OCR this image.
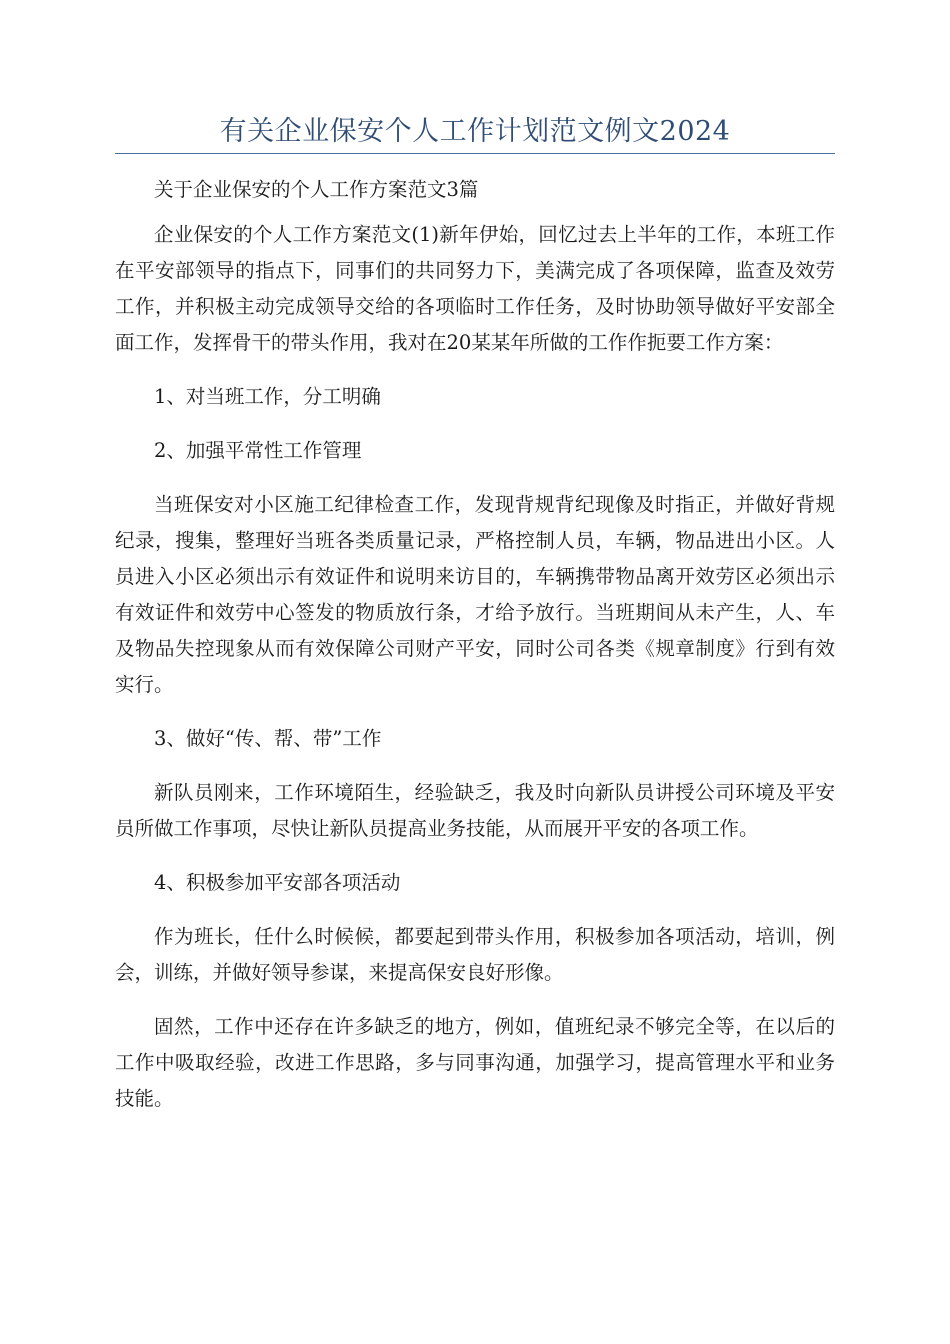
有关企业保安个人工作计划范文例文2024

关于企业保安的个人工作方案范文3篇

企业保安的个人工作方案范文(1)新年伊始，回忆过去上半年的工作，本班工作在平安部领导的指点下，同事们的共同努力下，美满完成了各项保障，监查及效劳工作，并积极主动完成领导交给的各项临时工作任务，及时协助领导做好平安部全面工作，发挥骨干的带头作用，我对在20某某年所做的工作作扼要工作方案：

1、对当班工作，分工明确

2、加强平常性工作管理

当班保安对小区施工纪律检查工作，发现背规背纪现像及时指正，并做好背规纪录，搜集，整理好当班各类质量记录，严格控制人员，车辆，物品进出小区。人员进入小区必须出示有效证件和说明来访目的，车辆携带物品离开效劳区必须出示有效证件和效劳中心签发的物质放行条，才给予放行。当班期间从未产生，人、车及物品失控现象从而有效保障公司财产平安，同时公司各类《规章制度》行到有效实行。

3、做好“传、帮、带”工作

新队员刚来，工作环境陌生，经验缺乏，我及时向新队员讲授公司环境及平安员所做工作事项，尽快让新队员提高业务技能，从而展开平安的各项工作。

4、积极参加平安部各项活动

作为班长，任什么时候候，都要起到带头作用，积极参加各项活动，培训，例会，训练，并做好领导参谋，来提高保安良好形像。

固然，工作中还存在许多缺乏的地方，例如，值班纪录不够完全等，在以后的工作中吸取经验，改进工作思路，多与同事沟通，加强学习，提高管理水平和业务技能。
